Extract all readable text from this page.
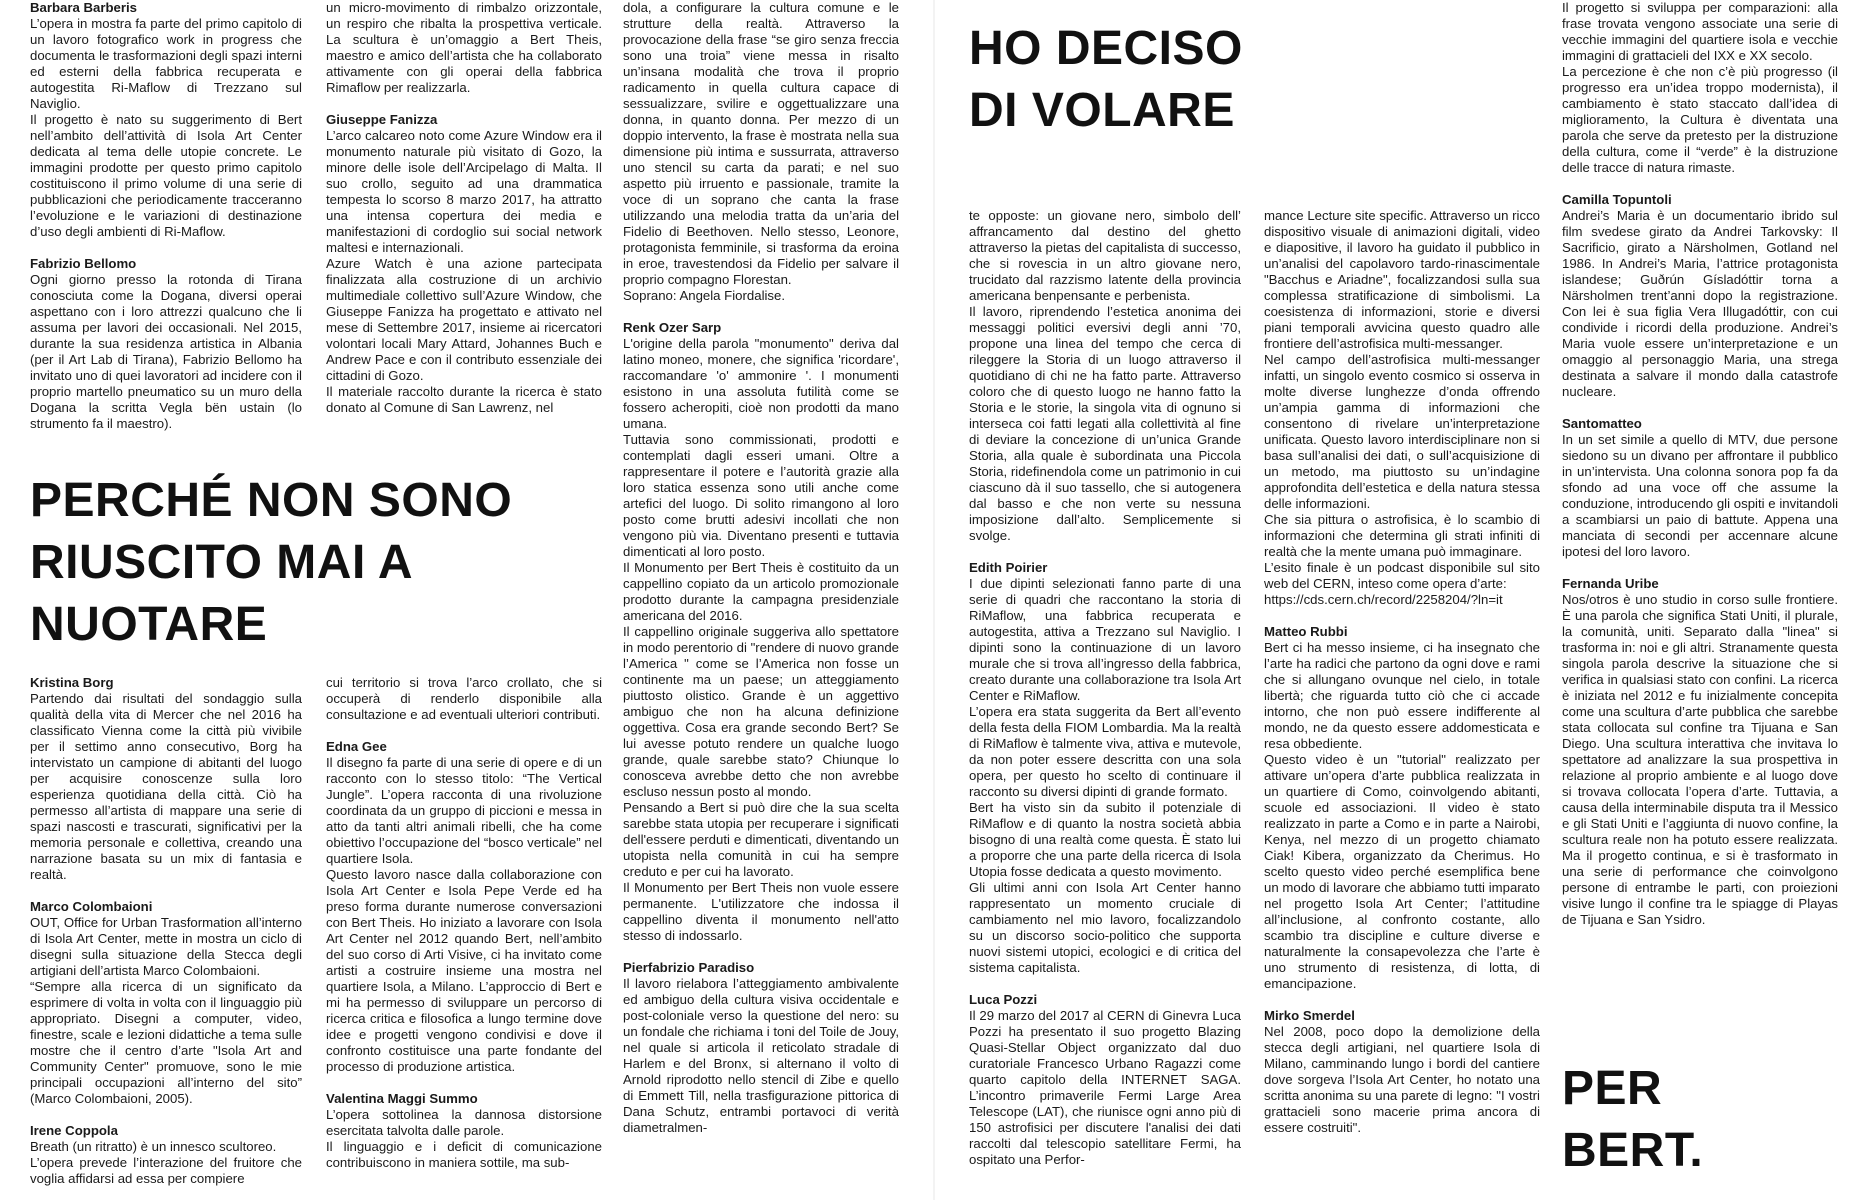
Barbara Barberis
L’opera in mostra fa parte del primo capitolo di un lavoro fotografico work in progress che documenta le trasformazioni degli spazi interni ed esterni della fabbrica recuperata e autogestita Ri-Maflow di Trezzano sul Naviglio.
Il progetto è nato su suggerimento di Bert nell’ambito dell’attività di Isola Art Center dedicata al tema delle utopie concrete. Le immagini prodotte per questo primo capitolo costituiscono il primo volume di una serie di pubblicazioni che periodicamente tracceranno l’evoluzione e le variazioni di destinazione d’uso degli ambienti di Ri-Maflow.

Fabrizio Bellomo
Ogni giorno presso la rotonda di Tirana conosciuta come la Dogana, diversi operai aspettano con i loro attrezzi qualcuno che li assuma per lavori dei occasionali. Nel 2015, durante la sua residenza artistica in Albania (per il Art Lab di Tirana), Fabrizio Bellomo ha invitato uno di quei lavoratori ad incidere con il proprio martello pneumatico su un muro della Dogana la scritta Vegla bën ustain (lo strumento fa il maestro).

un micro-movimento di rimbalzo orizzontale, un respiro che ribalta la prospettiva verticale. La scultura è un’omaggio a Bert Theis, maestro e amico dell’artista che ha collaborato attivamente con gli operai della fabbrica Rimaflow per realizzarla.

Giuseppe Fanizza
L’arco calcareo noto come Azure Window era il monumento naturale più visitato di Gozo, la minore delle isole dell’Arcipelago di Malta. Il suo crollo, seguito ad una drammatica tempesta lo scorso 8 marzo 2017, ha attratto una intensa copertura dei media e manifestazioni di cordoglio sui social network maltesi e internazionali.
Azure Watch è una azione partecipata finalizzata alla costruzione di un archivio multimediale collettivo sull’Azure Window, che Giuseppe Fanizza ha progettato e attivato nel mese di Settembre 2017, insieme ai ricercatori volontari locali Mary Attard, Johannes Buch e Andrew Pace e con il contributo essenziale dei cittadini di Gozo.
Il materiale raccolto durante la ricerca è stato donato al Comune di San Lawrenz, nel

PERCHÉ NON SONO
RIUSCITO MAI A
NUOTARE

Kristina Borg
Partendo dai risultati del sondaggio sulla qualità della vita di Mercer che nel 2016 ha classificato Vienna come la città più vivibile per il settimo anno consecutivo, Borg ha intervistato un campione di abitanti del luogo per acquisire conoscenze sulla loro esperienza quotidiana della città. Ciò ha permesso all’artista di mappare una serie di spazi nascosti e trascurati, significativi per la memoria personale e collettiva, creando una narrazione basata su un mix di fantasia e realtà.

Marco Colombaioni
OUT, Office for Urban Trasformation all’interno di Isola Art Center, mette in mostra un ciclo di disegni sulla situazione della Stecca degli artigiani dell’artista Marco Colombaioni.
“Sempre alla ricerca di un significato da esprimere di volta in volta con il linguaggio più appropriato. Disegni a computer, video, finestre, scale e lezioni didattiche a tema sulle mostre che il centro d’arte "Isola Art and Community Center" promuove, sono le mie principali occupazioni all’interno del sito” (Marco Colombaioni, 2005).

Irene Coppola
Breath (un ritratto) è un innesco scultoreo.
L’opera prevede l’interazione del fruitore che voglia affidarsi ad essa per compiere

cui territorio si trova l’arco crollato, che si occuperà di renderlo disponibile alla consultazione e ad eventuali ulteriori contributi.

Edna Gee
Il disegno fa parte di una serie di opere e di un racconto con lo stesso titolo: “The Vertical Jungle”. L’opera racconta di una rivoluzione coordinata da un gruppo di piccioni e messa in atto da tanti altri animali ribelli, che ha come obiettivo l’occupazione del “bosco verticale” nel quartiere Isola.
Questo lavoro nasce dalla collaborazione con Isola Art Center e Isola Pepe Verde ed ha preso forma durante numerose conversazioni con Bert Theis. Ho iniziato a lavorare con Isola Art Center nel 2012 quando Bert, nell’ambito del suo corso di Arti Visive, ci ha invitato come artisti a costruire insieme una mostra nel quartiere Isola, a Milano. L’approccio di Bert e mi ha permesso di sviluppare un percorso di ricerca critica e filosofica a lungo termine dove idee e progetti vengono condivisi e dove il confronto costituisce una parte fondante del processo di produzione artistica.

Valentina Maggi Summo
L’opera sottolinea la dannosa distorsione esercitata talvolta dalle parole.
Il linguaggio e i deficit di comunicazione contribuiscono in maniera sottile, ma sub-

dola, a configurare la cultura comune e le strutture della realtà. Attraverso la provocazione della frase “se giro senza freccia sono una troia” viene messa in risalto un’insana modalità che trova il proprio radicamento in quella cultura capace di sessualizzare, svilire e oggettualizzare una donna, in quanto donna. Per mezzo di un doppio intervento, la frase è mostrata nella sua dimensione più intima e sussurrata, attraverso uno stencil su carta da parati; e nel suo aspetto più irruento e passionale, tramite la voce di un soprano che canta la frase utilizzando una melodia tratta da un’aria del Fidelio di Beethoven. Nello stesso, Leonore, protagonista femminile, si trasforma da eroina in eroe, travestendosi da Fidelio per salvare il proprio compagno Florestan.
Soprano: Angela Fiordalise.

Renk Ozer Sarp
L'origine della parola "monumento" deriva dal latino moneo, monere, che significa 'ricordare', raccomandare 'o' ammonire '. I monumenti esistono in una assoluta futilità come se fossero acheropiti, cioè non prodotti da mano umana.
Tuttavia sono commissionati, prodotti e contemplati dagli esseri umani. Oltre a rappresentare il potere e l’autorità grazie alla loro statica essenza sono utili anche come artefici del luogo. Di solito rimangono al loro posto come brutti adesivi incollati che non vengono più via. Diventano presenti e tuttavia dimenticati al loro posto.
Il Monumento per Bert Theis è costituito da un cappellino copiato da un articolo promozionale prodotto durante la campagna presidenziale americana del 2016.
Il cappellino originale suggeriva allo spettatore in modo perentorio di "rendere di nuovo grande l’America " come se l’America non fosse un continente ma un paese; un atteggiamento piuttosto olistico. Grande è un aggettivo ambiguo che non ha alcuna definizione oggettiva. Cosa era grande secondo Bert? Se lui avesse potuto rendere un qualche luogo grande, quale sarebbe stato? Chiunque lo conosceva avrebbe detto che non avrebbe escluso nessun posto al mondo.
Pensando a Bert si può dire che la sua scelta sarebbe stata utopia per recuperare i significati dell'essere perduti e dimenticati, diventando un utopista nella comunità in cui ha sempre creduto e per cui ha lavorato.
Il Monumento per Bert Theis non vuole essere permanente. L'utilizzatore che indossa il cappellino diventa il monumento nell'atto stesso di indossarlo.

Pierfabrizio Paradiso
Il lavoro rielabora l’atteggiamento ambivalente ed ambiguo della cultura visiva occidentale e post-coloniale verso la questione del nero: su un fondale che richiama i toni del Toile de Jouy, nel quale si articola il reticolato stradale di Harlem e del Bronx, si alternano il volto di Arnold riprodotto nello stencil di Zibe e quello di Emmett Till, nella trasfigurazione pittorica di Dana Schutz, entrambi portavoci di verità diametralmen-

HO DECISO
DI VOLARE

te opposte: un giovane nero, simbolo dell’ affrancamento dal destino del ghetto attraverso la pietas del capitalista di successo, che si rovescia in un altro giovane nero, trucidato dal razzismo latente della provincia americana benpensante e perbenista.
Il lavoro, riprendendo l’estetica anonima dei messaggi politici eversivi degli anni ’70, propone una linea del tempo che cerca di rileggere la Storia di un luogo attraverso il quotidiano di chi ne ha fatto parte. Attraverso coloro che di questo luogo ne hanno fatto la Storia e le storie, la singola vita di ognuno si interseca coi fatti legati alla collettività al fine di deviare la concezione di un’unica Grande Storia, alla quale è subordinata una Piccola Storia, ridefinendola come un patrimonio in cui ciascuno dà il suo tassello, che si autogenera dal basso e che non verte su nessuna imposizione dall’alto. Semplicemente si svolge.

Edith Poirier
I due dipinti selezionati fanno parte di una serie di quadri che raccontano la storia di RiMaflow, una fabbrica recuperata e autogestita, attiva a Trezzano sul Naviglio. I dipinti sono la continuazione di un lavoro murale che si trova all’ingresso della fabbrica, creato durante una collaborazione tra Isola Art Center e RiMaflow.
L’opera era stata suggerita da Bert all’evento della festa della FIOM Lombardia. Ma la realtà di RiMaflow è talmente viva, attiva e mutevole, da non poter essere descritta con una sola opera, per questo ho scelto di continuare il racconto su diversi dipinti di grande formato.
Bert ha visto sin da subito il potenziale di RiMaflow e di quanto la nostra società abbia bisogno di una realtà come questa. È stato lui a proporre che una parte della ricerca di Isola Utopia fosse dedicata a questo movimento.
Gli ultimi anni con Isola Art Center hanno rappresentato un momento cruciale di cambiamento nel mio lavoro, focalizzandolo su un discorso socio-politico che supporta nuovi sistemi utopici, ecologici e di critica del sistema capitalista.

Luca Pozzi
Il 29 marzo del 2017 al CERN di Ginevra Luca Pozzi ha presentato il suo progetto Blazing Quasi-Stellar Object organizzato dal duo curatoriale Francesco Urbano Ragazzi come quarto capitolo della INTERNET SAGA. L’incontro primaverile Fermi Large Area Telescope (LAT), che riunisce ogni anno più di 150 astrofisici per discutere l'analisi dei dati raccolti dal telescopio satellitare Fermi, ha ospitato una Perfor-

mance Lecture site specific. Attraverso un ricco dispositivo visuale di animazioni digitali, video e diapositive, il lavoro ha guidato il pubblico in un’analisi del capolavoro tardo-rinascimentale "Bacchus e Ariadne", focalizzandosi sulla sua complessa stratificazione di simbolismi. La coesistenza di informazioni, storie e diversi piani temporali avvicina questo quadro alle frontiere dell’astrofisica multi-messanger.
Nel campo dell’astrofisica multi-messanger infatti, un singolo evento cosmico si osserva in molte diverse lunghezze d’onda offrendo un’ampia gamma di informazioni che consentono di rivelare un’interpretazione unificata. Questo lavoro interdisciplinare non si basa sull’analisi dei dati, o sull’acquisizione di un metodo, ma piuttosto su un’indagine approfondita dell’estetica e della natura stessa delle informazioni.
Che sia pittura o astrofisica, è lo scambio di informazioni che determina gli strati infiniti di realtà che la mente umana può immaginare.
L’esito finale è un podcast disponibile sul sito web del CERN, inteso come opera d’arte:
https://cds.cern.ch/record/2258204/?ln=it

Matteo Rubbi
Bert ci ha messo insieme, ci ha insegnato che l’arte ha radici che partono da ogni dove e rami che si allungano ovunque nel cielo, in totale libertà; che riguarda tutto ciò che ci accade intorno, che non può essere indifferente al mondo, ne da questo essere addomesticata e resa obbediente.
Questo video è un "tutorial" realizzato per attivare un’opera d’arte pubblica realizzata in un quartiere di Como, coinvolgendo abitanti, scuole ed associazioni. Il video è stato realizzato in parte a Como e in parte a Nairobi, Kenya, nel mezzo di un progetto chiamato Ciak! Kibera, organizzato da Cherimus. Ho scelto questo video perché esemplifica bene un modo di lavorare che abbiamo tutti imparato nel progetto Isola Art Center; l’attitudine all’inclusione, al confronto costante, allo scambio tra discipline e culture diverse e naturalmente la consapevolezza che l’arte è uno strumento di resistenza, di lotta, di emancipazione.

Mirko Smerdel
Nel 2008, poco dopo la demolizione della stecca degli artigiani, nel quartiere Isola di Milano, camminando lungo i bordi del cantiere dove sorgeva l’Isola Art Center, ho notato una scritta anonima su una parete di legno: "I vostri grattacieli sono macerie prima ancora di essere costruiti".

Il progetto si sviluppa per comparazioni: alla frase trovata vengono associate una serie di vecchie immagini del quartiere isola e vecchie immagini di grattacieli del IXX e XX secolo.
La percezione è che non c’è più progresso (il progresso era un’idea troppo modernista), il cambiamento è stato staccato dall’idea di miglioramento, la Cultura è diventata una parola che serve da pretesto per la distruzione della cultura, come il “verde” è la distruzione delle tracce di natura rimaste.

Camilla Topuntoli
Andrei’s Maria è un documentario ibrido sul film svedese girato da Andrei Tarkovsky: Il Sacrificio, girato a Närsholmen, Gotland nel 1986. In Andrei’s Maria, l’attrice protagonista islandese; Guðrún Gísladóttir torna a Närsholmen trent’anni dopo la registrazione. Con lei è sua figlia Vera Illugadóttir, con cui condivide i ricordi della produzione. Andrei’s Maria vuole essere un’interpretazione e un omaggio al personaggio Maria, una strega destinata a salvare il mondo dalla catastrofe nucleare.

Santomatteo
In un set simile a quello di MTV, due persone siedono su un divano per affrontare il pubblico in un’intervista. Una colonna sonora pop fa da sfondo ad una voce off che assume la conduzione, introducendo gli ospiti e invitandoli a scambiarsi un paio di battute. Appena una manciata di secondi per accennare alcune ipotesi del loro lavoro.

Fernanda Uribe
Nos/otros è uno studio in corso sulle frontiere. È una parola che significa Stati Uniti, il plurale, la comunità, uniti. Separato dalla "linea" si trasforma in: noi e gli altri. Stranamente questa singola parola descrive la situazione che si verifica in qualsiasi stato con confini. La ricerca è iniziata nel 2012 e fu inizialmente concepita come una scultura d’arte pubblica che sarebbe stata collocata sul confine tra Tijuana e San Diego. Una scultura interattiva che invitava lo spettatore ad analizzare la sua prospettiva in relazione al proprio ambiente e al luogo dove si trovava collocata l’opera d’arte. Tuttavia, a causa della interminabile disputa tra il Messico e gli Stati Uniti e l’aggiunta di nuovo confine, la scultura reale non ha potuto essere realizzata. Ma il progetto continua, e si è trasformato in una serie di performance che coinvolgono persone di entrambe le parti, con proiezioni visive lungo il confine tra le spiagge di Playas de Tijuana e San Ysidro.

PER
BERT.
